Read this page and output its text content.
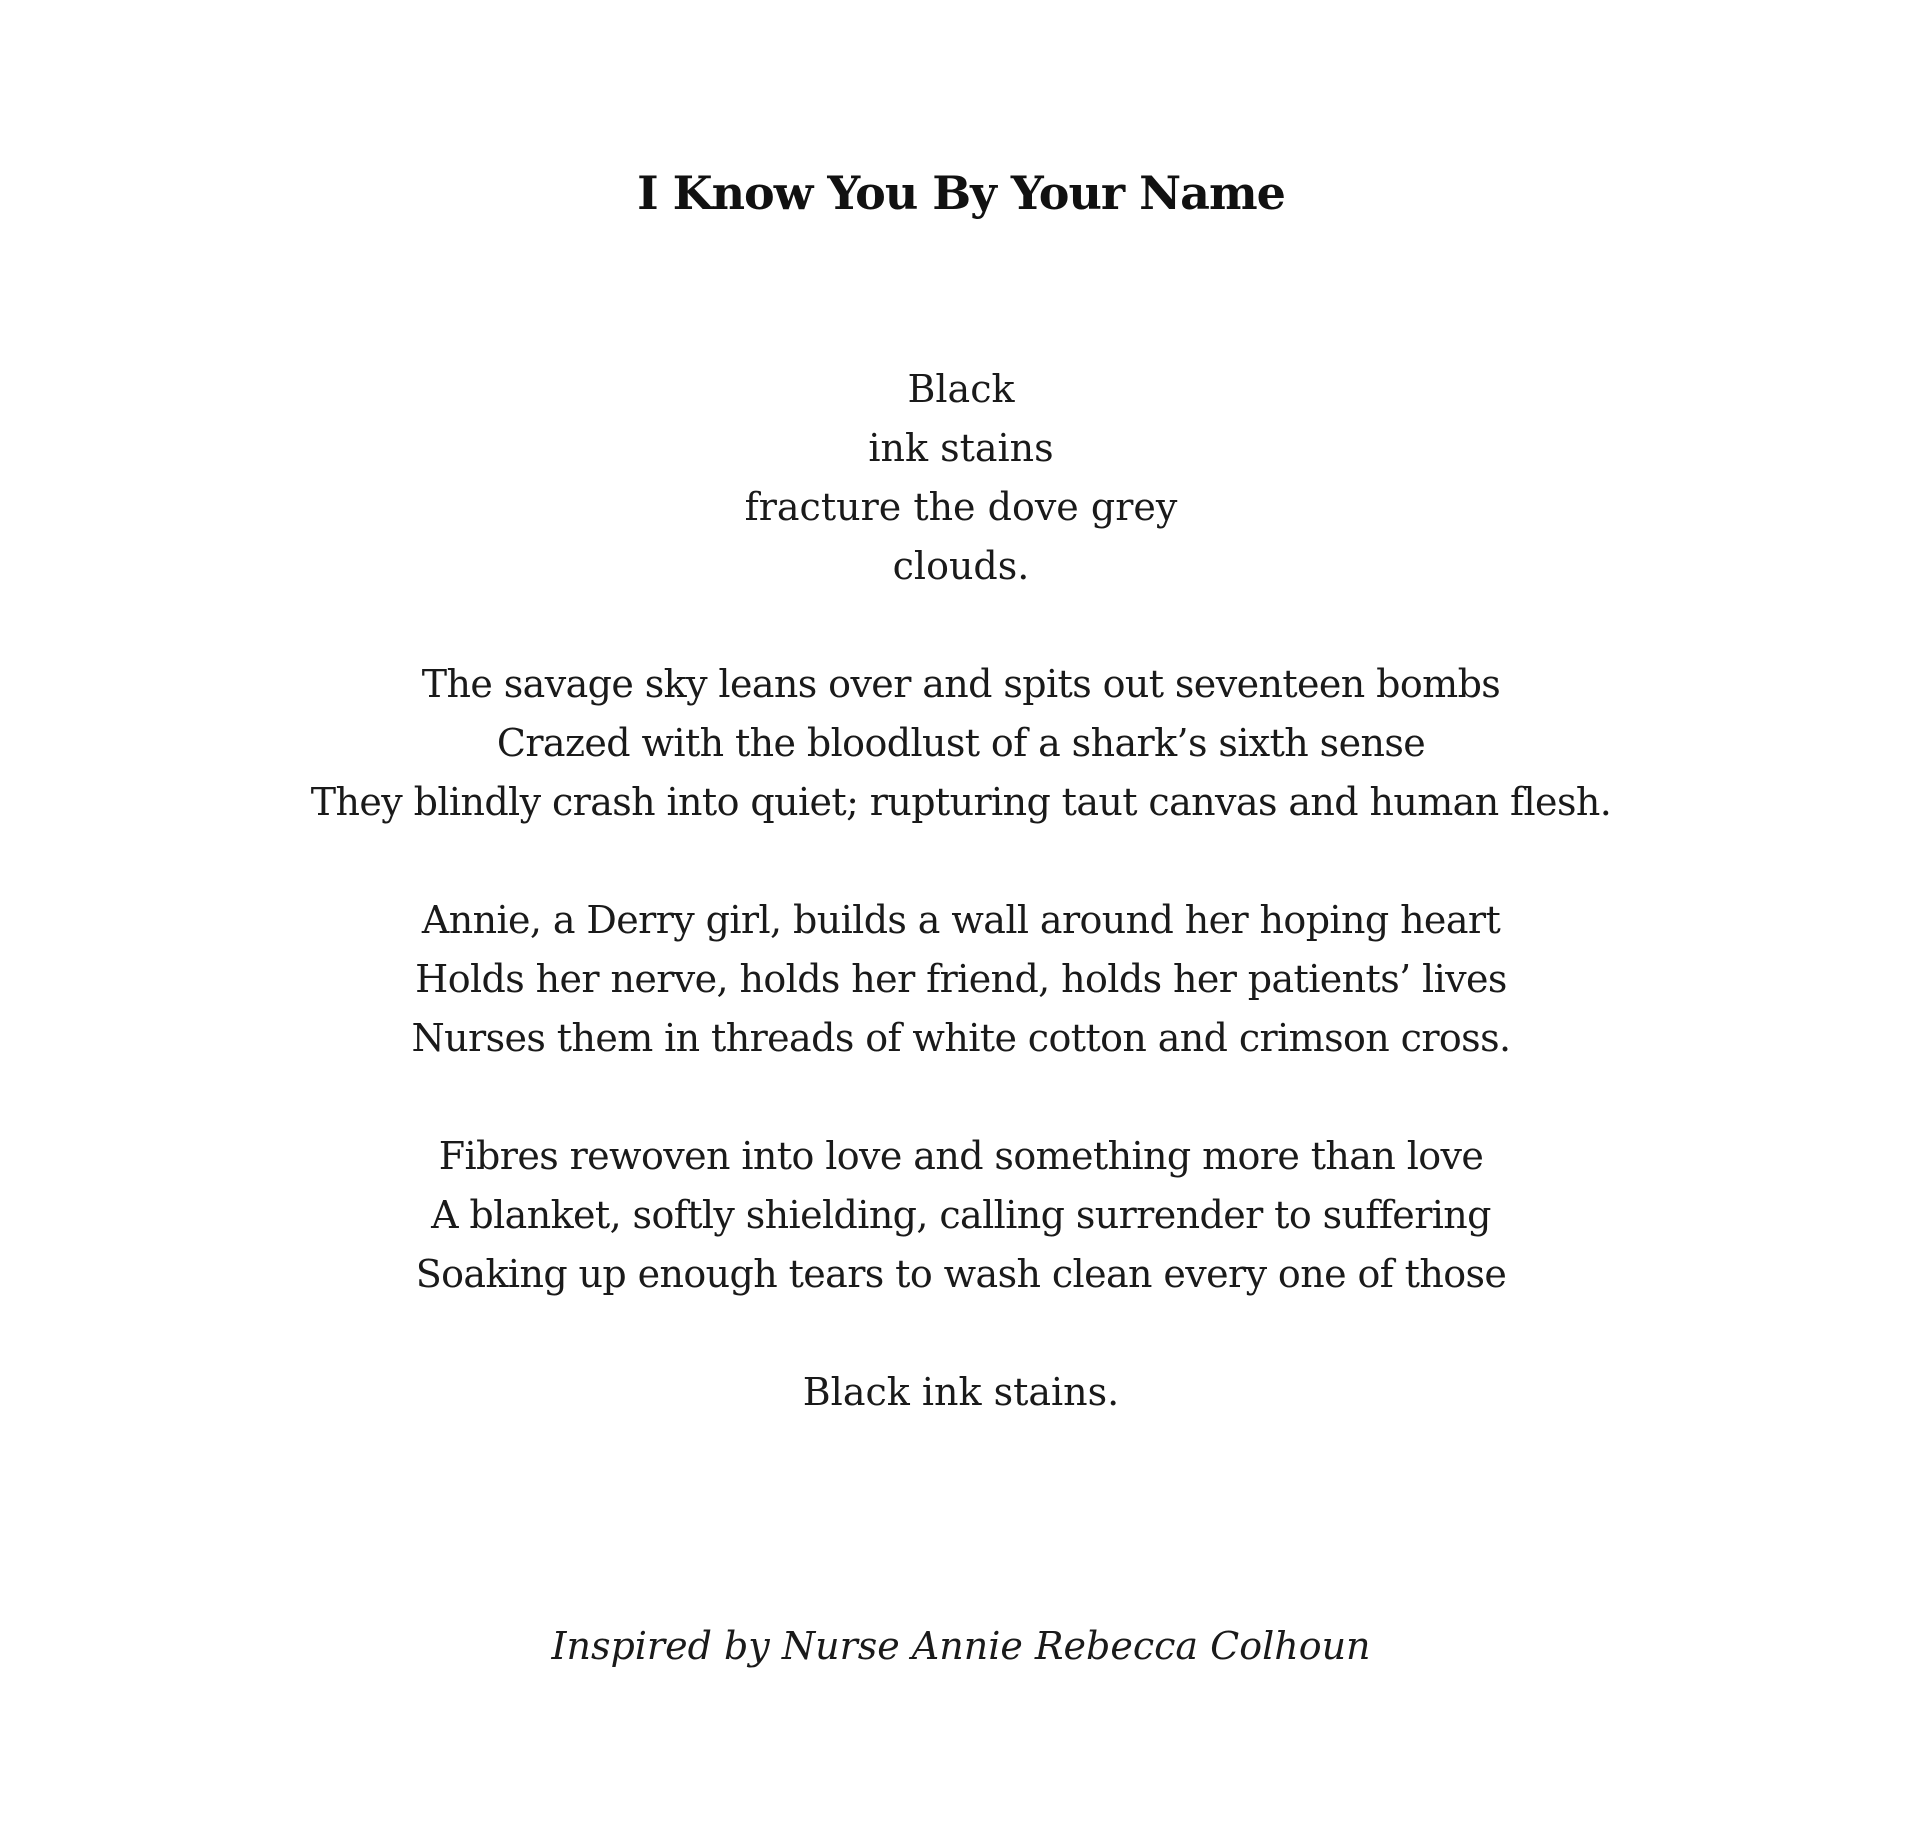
I Know You By Your Name
Black
ink stains
fracture the dove grey
clouds.
The savage sky leans over and spits out seventeen bombs
Crazed with the bloodlust of a shark’s sixth sense
They blindly crash into quiet; rupturing taut canvas and human flesh.
Annie, a Derry girl, builds a wall around her hoping heart
Holds her nerve, holds her friend, holds her patients’ lives
Nurses them in threads of white cotton and crimson cross.
Fibres rewoven into love and something more than love
A blanket, softly shielding, calling surrender to suffering
Soaking up enough tears to wash clean every one of those
Black ink stains.

Inspired by Nurse Annie Rebecca Colhoun
